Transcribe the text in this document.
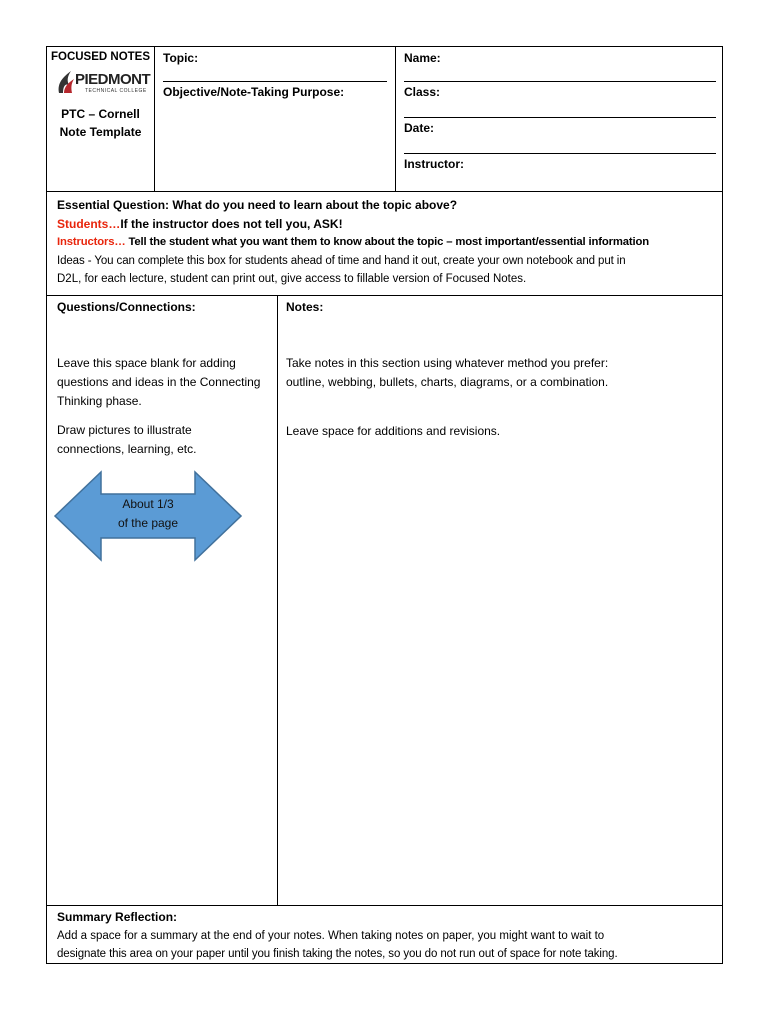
FOCUSED NOTES
PIEDMONT
TECHNICAL COLLEGE
PTC – Cornell
Note Template
Topic:
Objective/Note-Taking Purpose:
Name:
Class:
Date:
Instructor:
Essential Question: What do you need to learn about the topic above?
Students…If the instructor does not tell you, ASK!
Instructors… Tell the student what you want them to know about the topic – most important/essential information
Ideas - You can complete this box for students ahead of time and hand it out, create your own notebook and put in
D2L, for each lecture, student can print out, give access to fillable version of Focused Notes.
Questions/Connections:
Leave this space blank for adding
questions and ideas in the Connecting
Thinking phase.
Draw pictures to illustrate
connections, learning, etc.
About 1/3
of the page
Notes:
Take notes in this section using whatever method you prefer:
outline, webbing, bullets, charts, diagrams, or a combination.
Leave space for additions and revisions.
Summary Reflection:
Add a space for a summary at the end of your notes. When taking notes on paper, you might want to wait to
designate this area on your paper until you finish taking the notes, so you do not run out of space for note taking.
